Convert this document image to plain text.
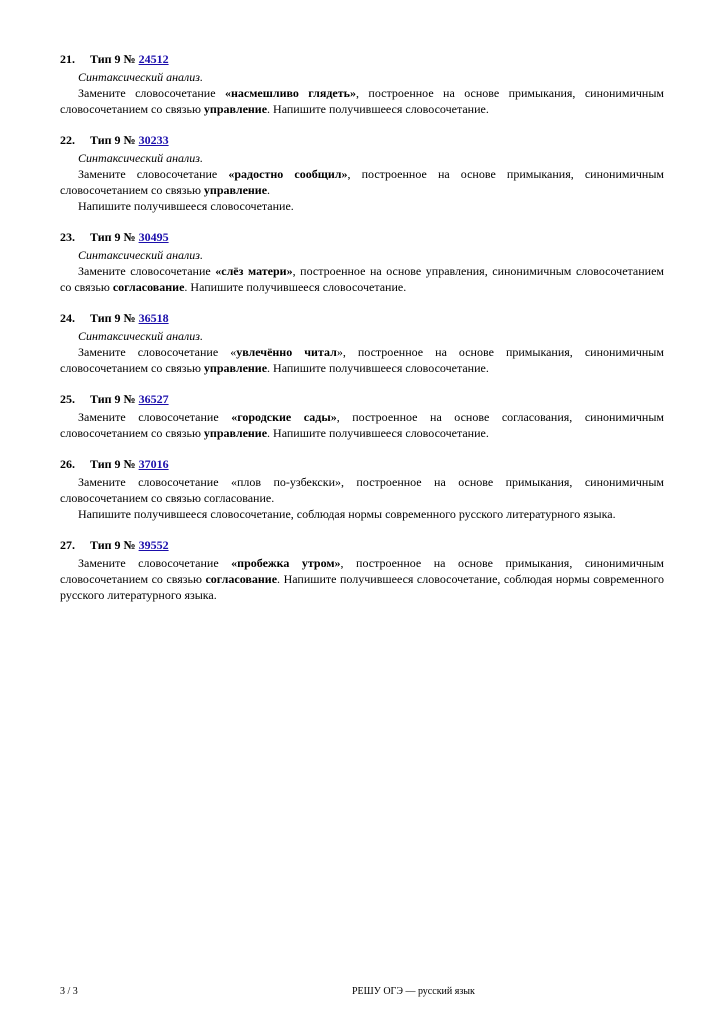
21. Тип 9 № 24512

Синтаксический анализ.

Замените словосочетание «насмешливо глядеть», построенное на основе примыкания, синонимичным словосочетанием со связью управление. Напишите получившееся словосочетание.

22. Тип 9 № 30233

Синтаксический анализ.

Замените словосочетание «радостно сообщил», построенное на основе примыкания, синонимичным словосочетанием со связью управление.

Напишите получившееся словосочетание.

23. Тип 9 № 30495

Синтаксический анализ.

Замените словосочетание «слёз матери», построенное на основе управления, синонимичным словосочетанием со связью согласование. Напишите получившееся словосочетание.

24. Тип 9 № 36518

Синтаксический анализ.

Замените словосочетание «увлечённо читал», построенное на основе примыкания, синонимичным словосочетанием со связью управление. Напишите получившееся словосочетание.

25. Тип 9 № 36527

Замените словосочетание «городские сады», построенное на основе согласования, синонимичным словосочетанием со связью управление. Напишите получившееся словосочетание.

26. Тип 9 № 37016

Замените словосочетание «плов по-узбекски», построенное на основе примыкания, синонимичным словосочетанием со связью согласование.

Напишите получившееся словосочетание, соблюдая нормы современного русского литературного языка.

27. Тип 9 № 39552

Замените словосочетание «пробежка утром», построенное на основе примыкания, синонимичным словосочетанием со связью согласование. Напишите получившееся словосочетание, соблюдая нормы современного русского литературного языка.

3 / 3	РЕШУ ОГЭ — русский язык
